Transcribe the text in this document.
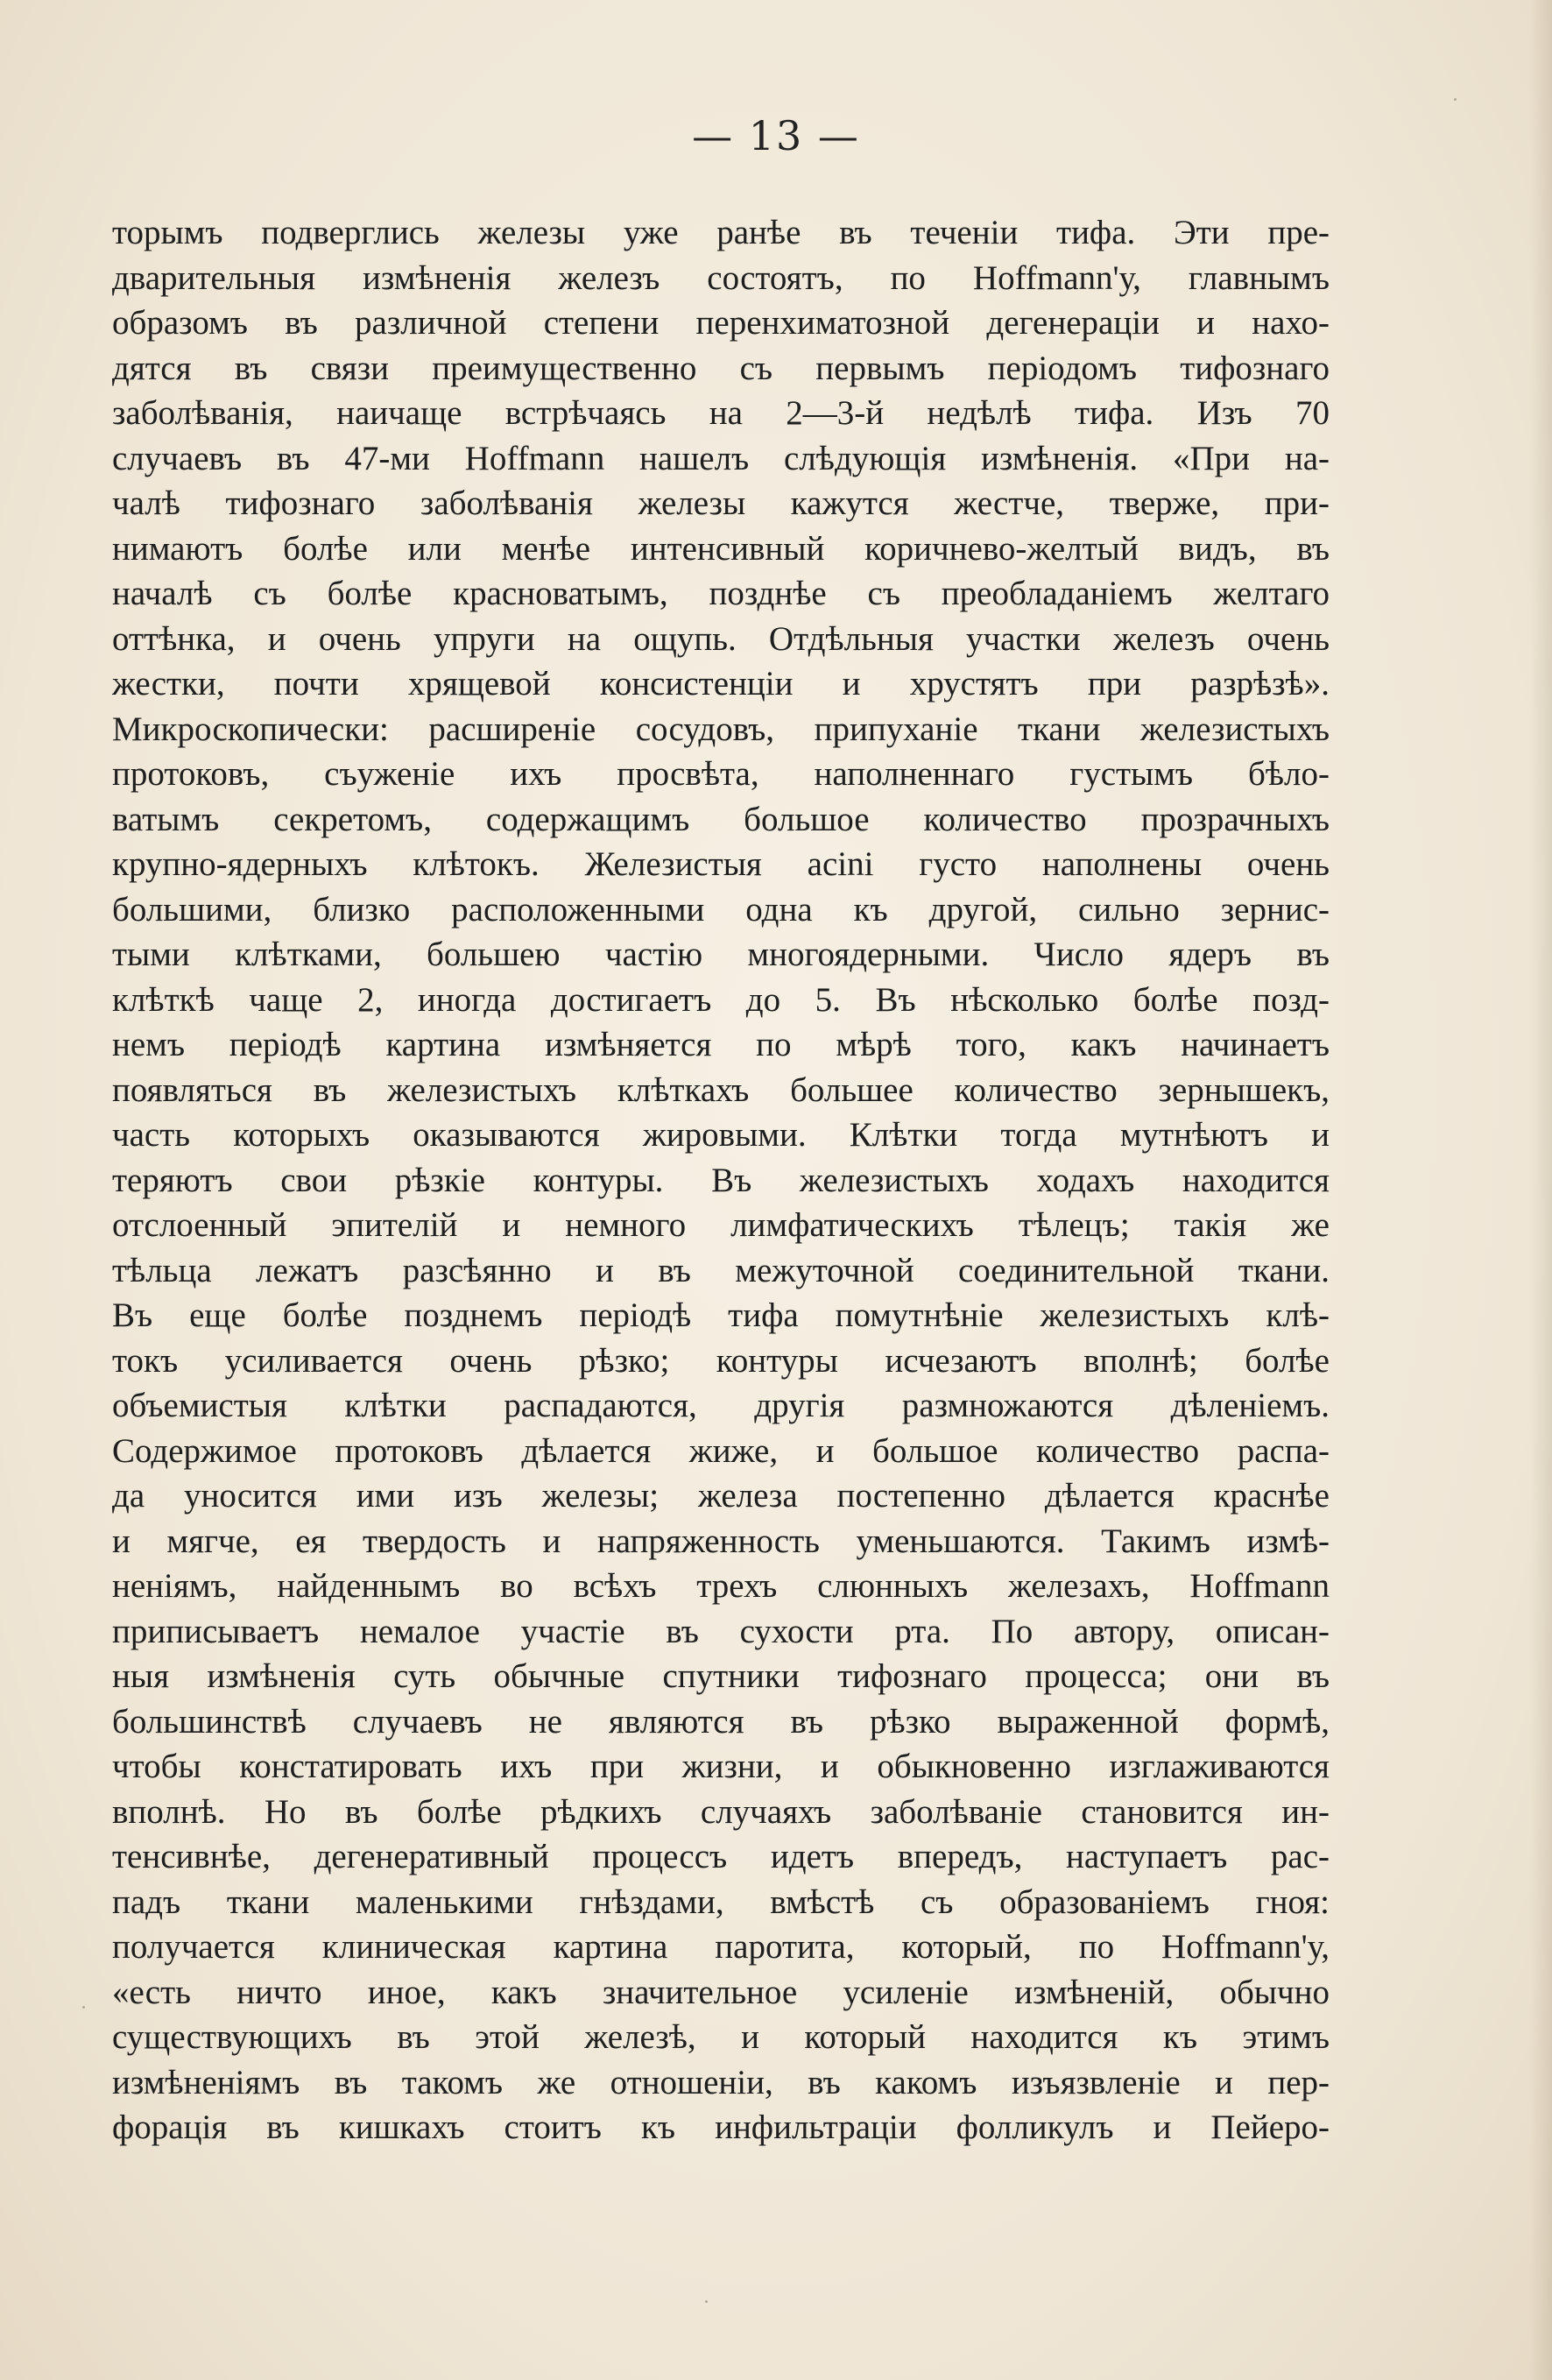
— 13 —
торымъ подверглись железы уже ранѣе въ теченіи тифа. Эти пре-
дварительныя измѣненія железъ состоятъ, по Hoffmann'у, главнымъ
образомъ въ различной степени перенхиматозной дегенераціи и нахо-
дятся въ связи преимущественно съ первымъ періодомъ тифознаго
заболѣванія, наичаще встрѣчаясь на 2—3-й недѣлѣ тифа. Изъ 70
случаевъ въ 47-ми Hoffmann нашелъ слѣдующія измѣненія. «При на-
чалѣ тифознаго заболѣванія железы кажутся жестче, тверже, при-
нимаютъ болѣе или менѣе интенсивный коричнево-желтый видъ, въ
началѣ съ болѣе красноватымъ, позднѣе съ преобладаніемъ желтаго
оттѣнка, и очень упруги на ощупь. Отдѣльныя участки железъ очень
жестки, почти хрящевой консистенціи и хрустятъ при разрѣзѣ».
Микроскопически: расширеніе сосудовъ, припуханіе ткани железистыхъ
протоковъ, съуженіе ихъ просвѣта, наполненнаго густымъ бѣло-
ватымъ секретомъ, содержащимъ большое количество прозрачныхъ
крупно-ядерныхъ клѣтокъ. Железистыя acini густо наполнены очень
большими, близко расположенными одна къ другой, сильно зернис-
тыми клѣтками, большею частію многоядерными. Число ядеръ въ
клѣткѣ чаще 2, иногда достигаетъ до 5. Въ нѣсколько болѣе позд-
немъ періодѣ картина измѣняется по мѣрѣ того, какъ начинаетъ
появляться въ железистыхъ клѣткахъ большее количество зернышекъ,
часть которыхъ оказываются жировыми. Клѣтки тогда мутнѣютъ и
теряютъ свои рѣзкіе контуры. Въ железистыхъ ходахъ находится
отслоенный эпителій и немного лимфатическихъ тѣлецъ; такія же
тѣльца лежатъ разсѣянно и въ межуточной соединительной ткани.
Въ еще болѣе позднемъ періодѣ тифа помутнѣніе железистыхъ клѣ-
токъ усиливается очень рѣзко; контуры исчезаютъ вполнѣ; болѣе
объемистыя клѣтки распадаются, другія размножаются дѣленіемъ.
Содержимое протоковъ дѣлается жиже, и большое количество распа-
да уносится ими изъ железы; железа постепенно дѣлается краснѣе
и мягче, ея твердость и напряженность уменьшаются. Такимъ измѣ-
неніямъ, найденнымъ во всѣхъ трехъ слюнныхъ железахъ, Hoffmann
приписываетъ немалое участіе въ сухости рта. По автору, описан-
ныя измѣненія суть обычные спутники тифознаго процесса; они въ
большинствѣ случаевъ не являются въ рѣзко выраженной формѣ,
чтобы констатировать ихъ при жизни, и обыкновенно изглаживаются
вполнѣ. Но въ болѣе рѣдкихъ случаяхъ заболѣваніе становится ин-
тенсивнѣе, дегенеративный процессъ идетъ впередъ, наступаетъ рас-
падъ ткани маленькими гнѣздами, вмѣстѣ съ образованіемъ гноя:
получается клиническая картина паротита, который, по Hoffmann'у,
«есть ничто иное, какъ значительное усиленіе измѣненій, обычно
существующихъ въ этой железѣ, и который находится къ этимъ
измѣненіямъ въ такомъ же отношеніи, въ какомъ изъязвленіе и пер-
форація въ кишкахъ стоитъ къ инфильтраціи фолликулъ и Пейеро-
